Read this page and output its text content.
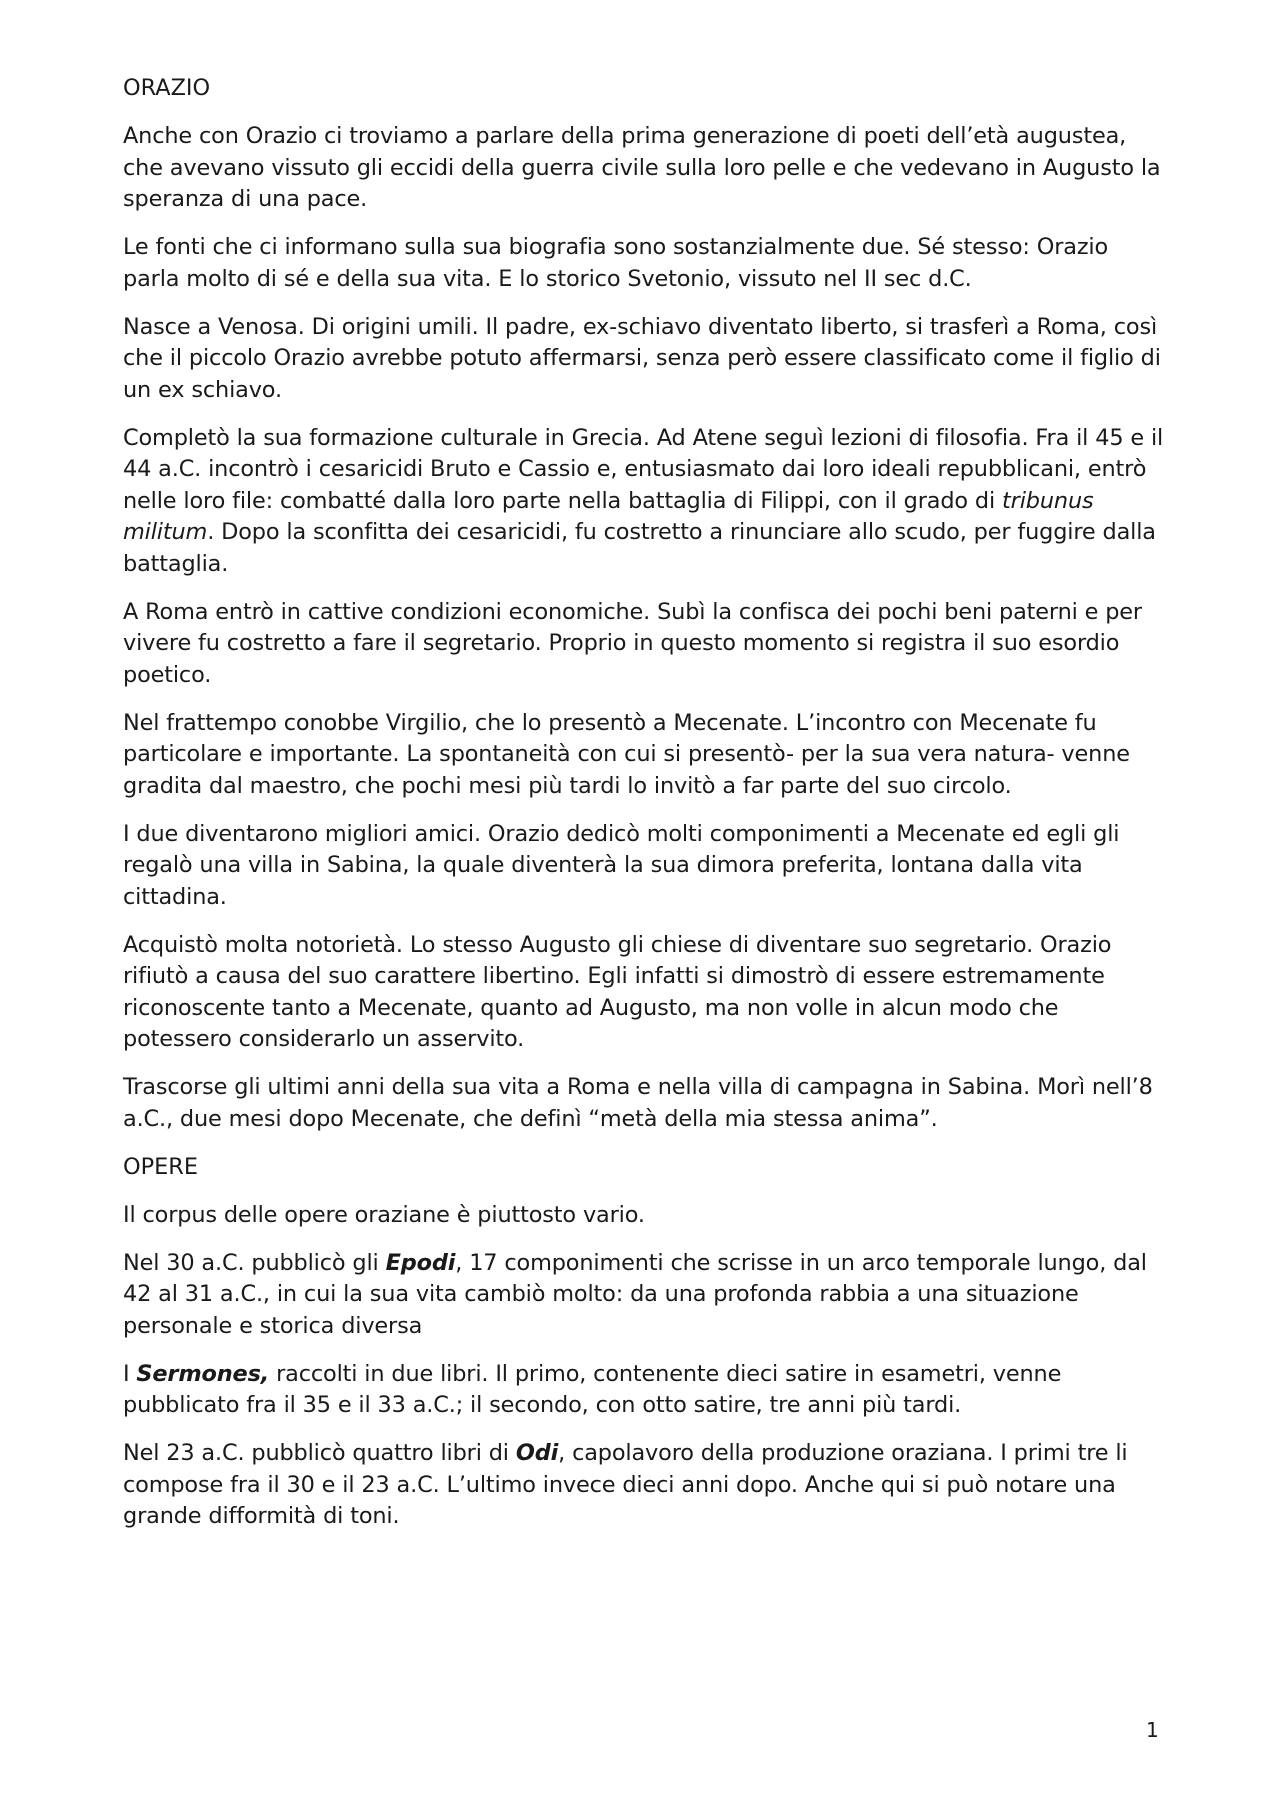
ORAZIO

Anche con Orazio ci troviamo a parlare della prima generazione di poeti dell’età augustea, che avevano vissuto gli eccidi della guerra civile sulla loro pelle e che vedevano in Augusto la speranza di una pace.

Le fonti che ci informano sulla sua biografia sono sostanzialmente due. Sé stesso: Orazio parla molto di sé e della sua vita. E lo storico Svetonio, vissuto nel II sec d.C.

Nasce a Venosa. Di origini umili. Il padre, ex-schiavo diventato liberto, si trasferì a Roma, così che il piccolo Orazio avrebbe potuto affermarsi, senza però essere classificato come il figlio di un ex schiavo.

Completò la sua formazione culturale in Grecia. Ad Atene seguì lezioni di filosofia. Fra il 45 e il 44 a.C. incontrò i cesaricidi Bruto e Cassio e, entusiasmato dai loro ideali repubblicani, entrò nelle loro file: combatté dalla loro parte nella battaglia di Filippi, con il grado di tribunus militum. Dopo la sconfitta dei cesaricidi, fu costretto a rinunciare allo scudo, per fuggire dalla battaglia.

A Roma entrò in cattive condizioni economiche. Subì la confisca dei pochi beni paterni e per vivere fu costretto a fare il segretario. Proprio in questo momento si registra il suo esordio poetico.

Nel frattempo conobbe Virgilio, che lo presentò a Mecenate. L’incontro con Mecenate fu particolare e importante. La spontaneità con cui si presentò- per la sua vera natura- venne gradita dal maestro, che pochi mesi più tardi lo invitò a far parte del suo circolo.

I due diventarono migliori amici. Orazio dedicò molti componimenti a Mecenate ed egli gli regalò una villa in Sabina, la quale diventerà la sua dimora preferita, lontana dalla vita cittadina.

Acquistò molta notorietà. Lo stesso Augusto gli chiese di diventare suo segretario. Orazio rifiutò a causa del suo carattere libertino. Egli infatti si dimostrò di essere estremamente riconoscente tanto a Mecenate, quanto ad Augusto, ma non volle in alcun modo che potessero considerarlo un asservito.

Trascorse gli ultimi anni della sua vita a Roma e nella villa di campagna in Sabina. Morì nell’8 a.C., due mesi dopo Mecenate, che definì “metà della mia stessa anima”.

OPERE

Il corpus delle opere oraziane è piuttosto vario.

Nel 30 a.C. pubblicò gli Epodi, 17 componimenti che scrisse in un arco temporale lungo, dal 42 al 31 a.C., in cui la sua vita cambiò molto: da una profonda rabbia a una situazione personale e storica diversa

I Sermones, raccolti in due libri. Il primo, contenente dieci satire in esametri, venne pubblicato fra il 35 e il 33 a.C.; il secondo, con otto satire, tre anni più tardi.

Nel 23 a.C. pubblicò quattro libri di Odi, capolavoro della produzione oraziana. I primi tre li compose fra il 30 e il 23 a.C. L’ultimo invece dieci anni dopo. Anche qui si può notare una grande difformità di toni.

1
